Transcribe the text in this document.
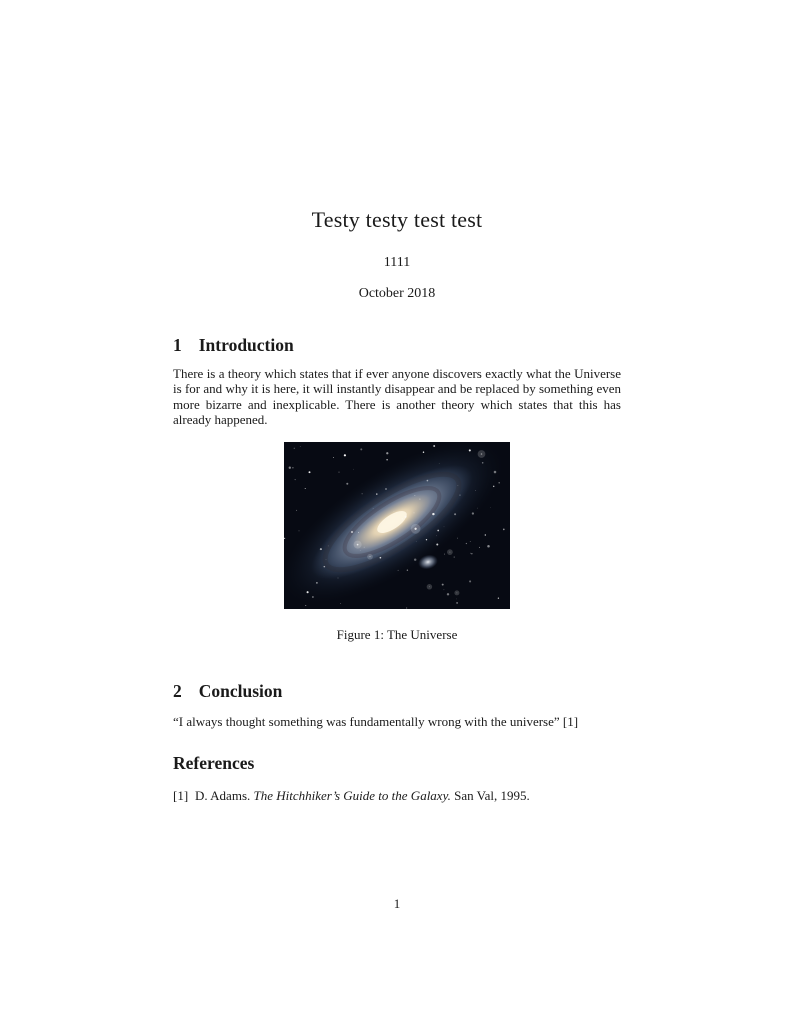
Testy testy test test
1111
October 2018
1 Introduction

There is a theory which states that if ever anyone discovers exactly what the Universe is for and why it is here, it will instantly disappear and be replaced by something even more bizarre and inexplicable. There is another theory which states that this has already happened.

Figure 1: The Universe
2 Conclusion

“I always thought something was fundamentally wrong with the universe” [1]

References
[1] D. Adams. The Hitchhiker’s Guide to the Galaxy. San Val, 1995.
1
